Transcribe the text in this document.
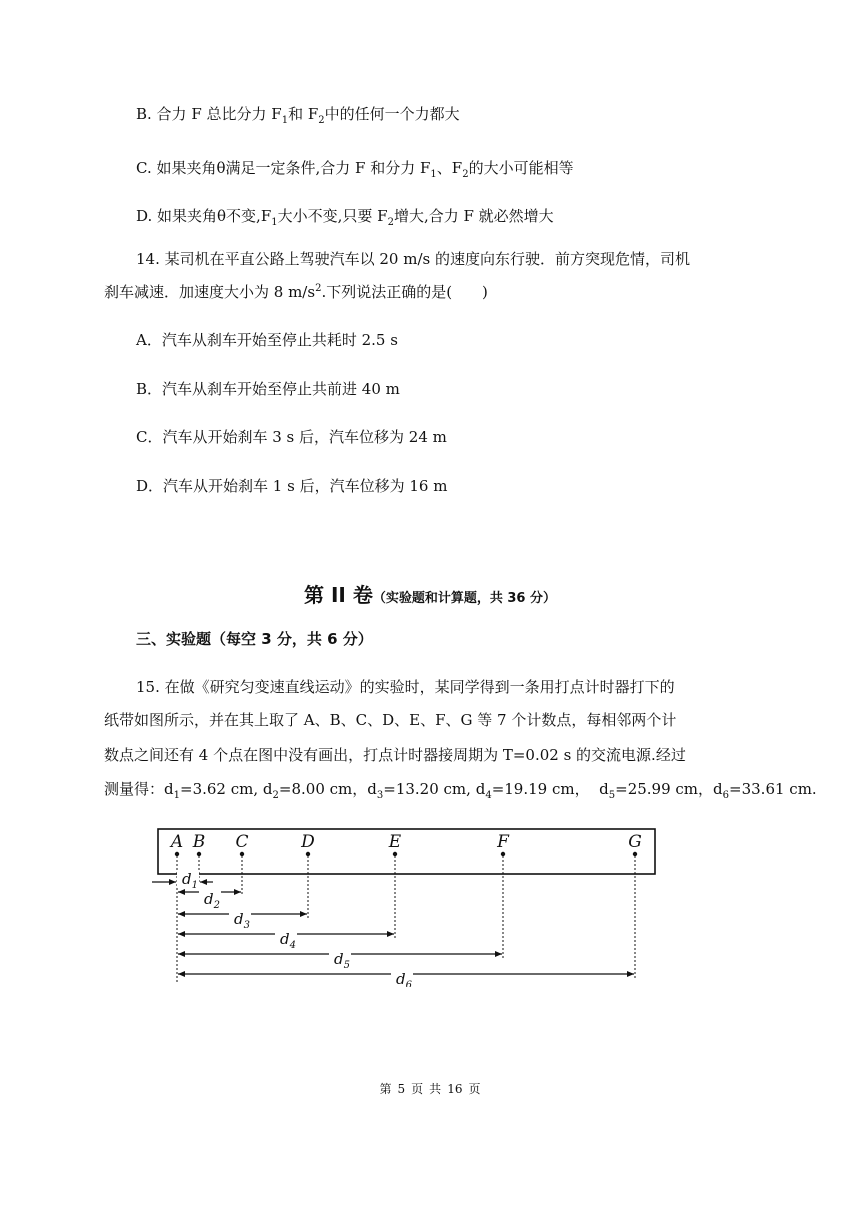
B. 合力 F 总比分力 $F_1$和 $F_2$中的任何一个力都大
C. 如果夹角θ满足一定条件,合力 F 和分力 $F_1$、$F_2$的大小可能相等
D. 如果夹角θ不变$,F_1$大小不变,只要 $F_2$增大,合力 F 就必然增大
14. 某司机在平直公路上驾驶汽车以 20 m/s 的速度向东行驶．前方突现危情，司机
刹车减速．加速度大小为 8 $m/s^2$.下列说法正确的是(　　)
A．汽车从刹车开始至停止共耗时 2.5 s
B．汽车从刹车开始至停止共前进 40 m
C．汽车从开始刹车 3 s 后，汽车位移为 24 m
D．汽车从开始刹车 1 s 后，汽车位移为 16 m
第 II 卷（实验题和计算题，共 36 分）
三、实验题（每空 3 分，共 6 分）
15. 在做《研究匀变速直线运动》的实验时，某同学得到一条用打点计时器打下的
纸带如图所示，并在其上取了 A、B、C、D、E、F、G 等 7 个计数点，每相邻两个计
数点之间还有 4 个点在图中没有画出，打点计时器接周期为 T=0.02 s 的交流电源.经过
测量得：$d_1=3.62$ cm, $d_2=8.00$ cm，$d_3=13.20$ cm, $d_4=19.19$ cm，  $d_5=25.99$ cm，$d_6=33.61$ cm.
A B C	D	E	F	G
$d_1$
$d_2$
$d_3$
$d_4$
$d_5$
$d_6$
第 5 页 共 16 页
